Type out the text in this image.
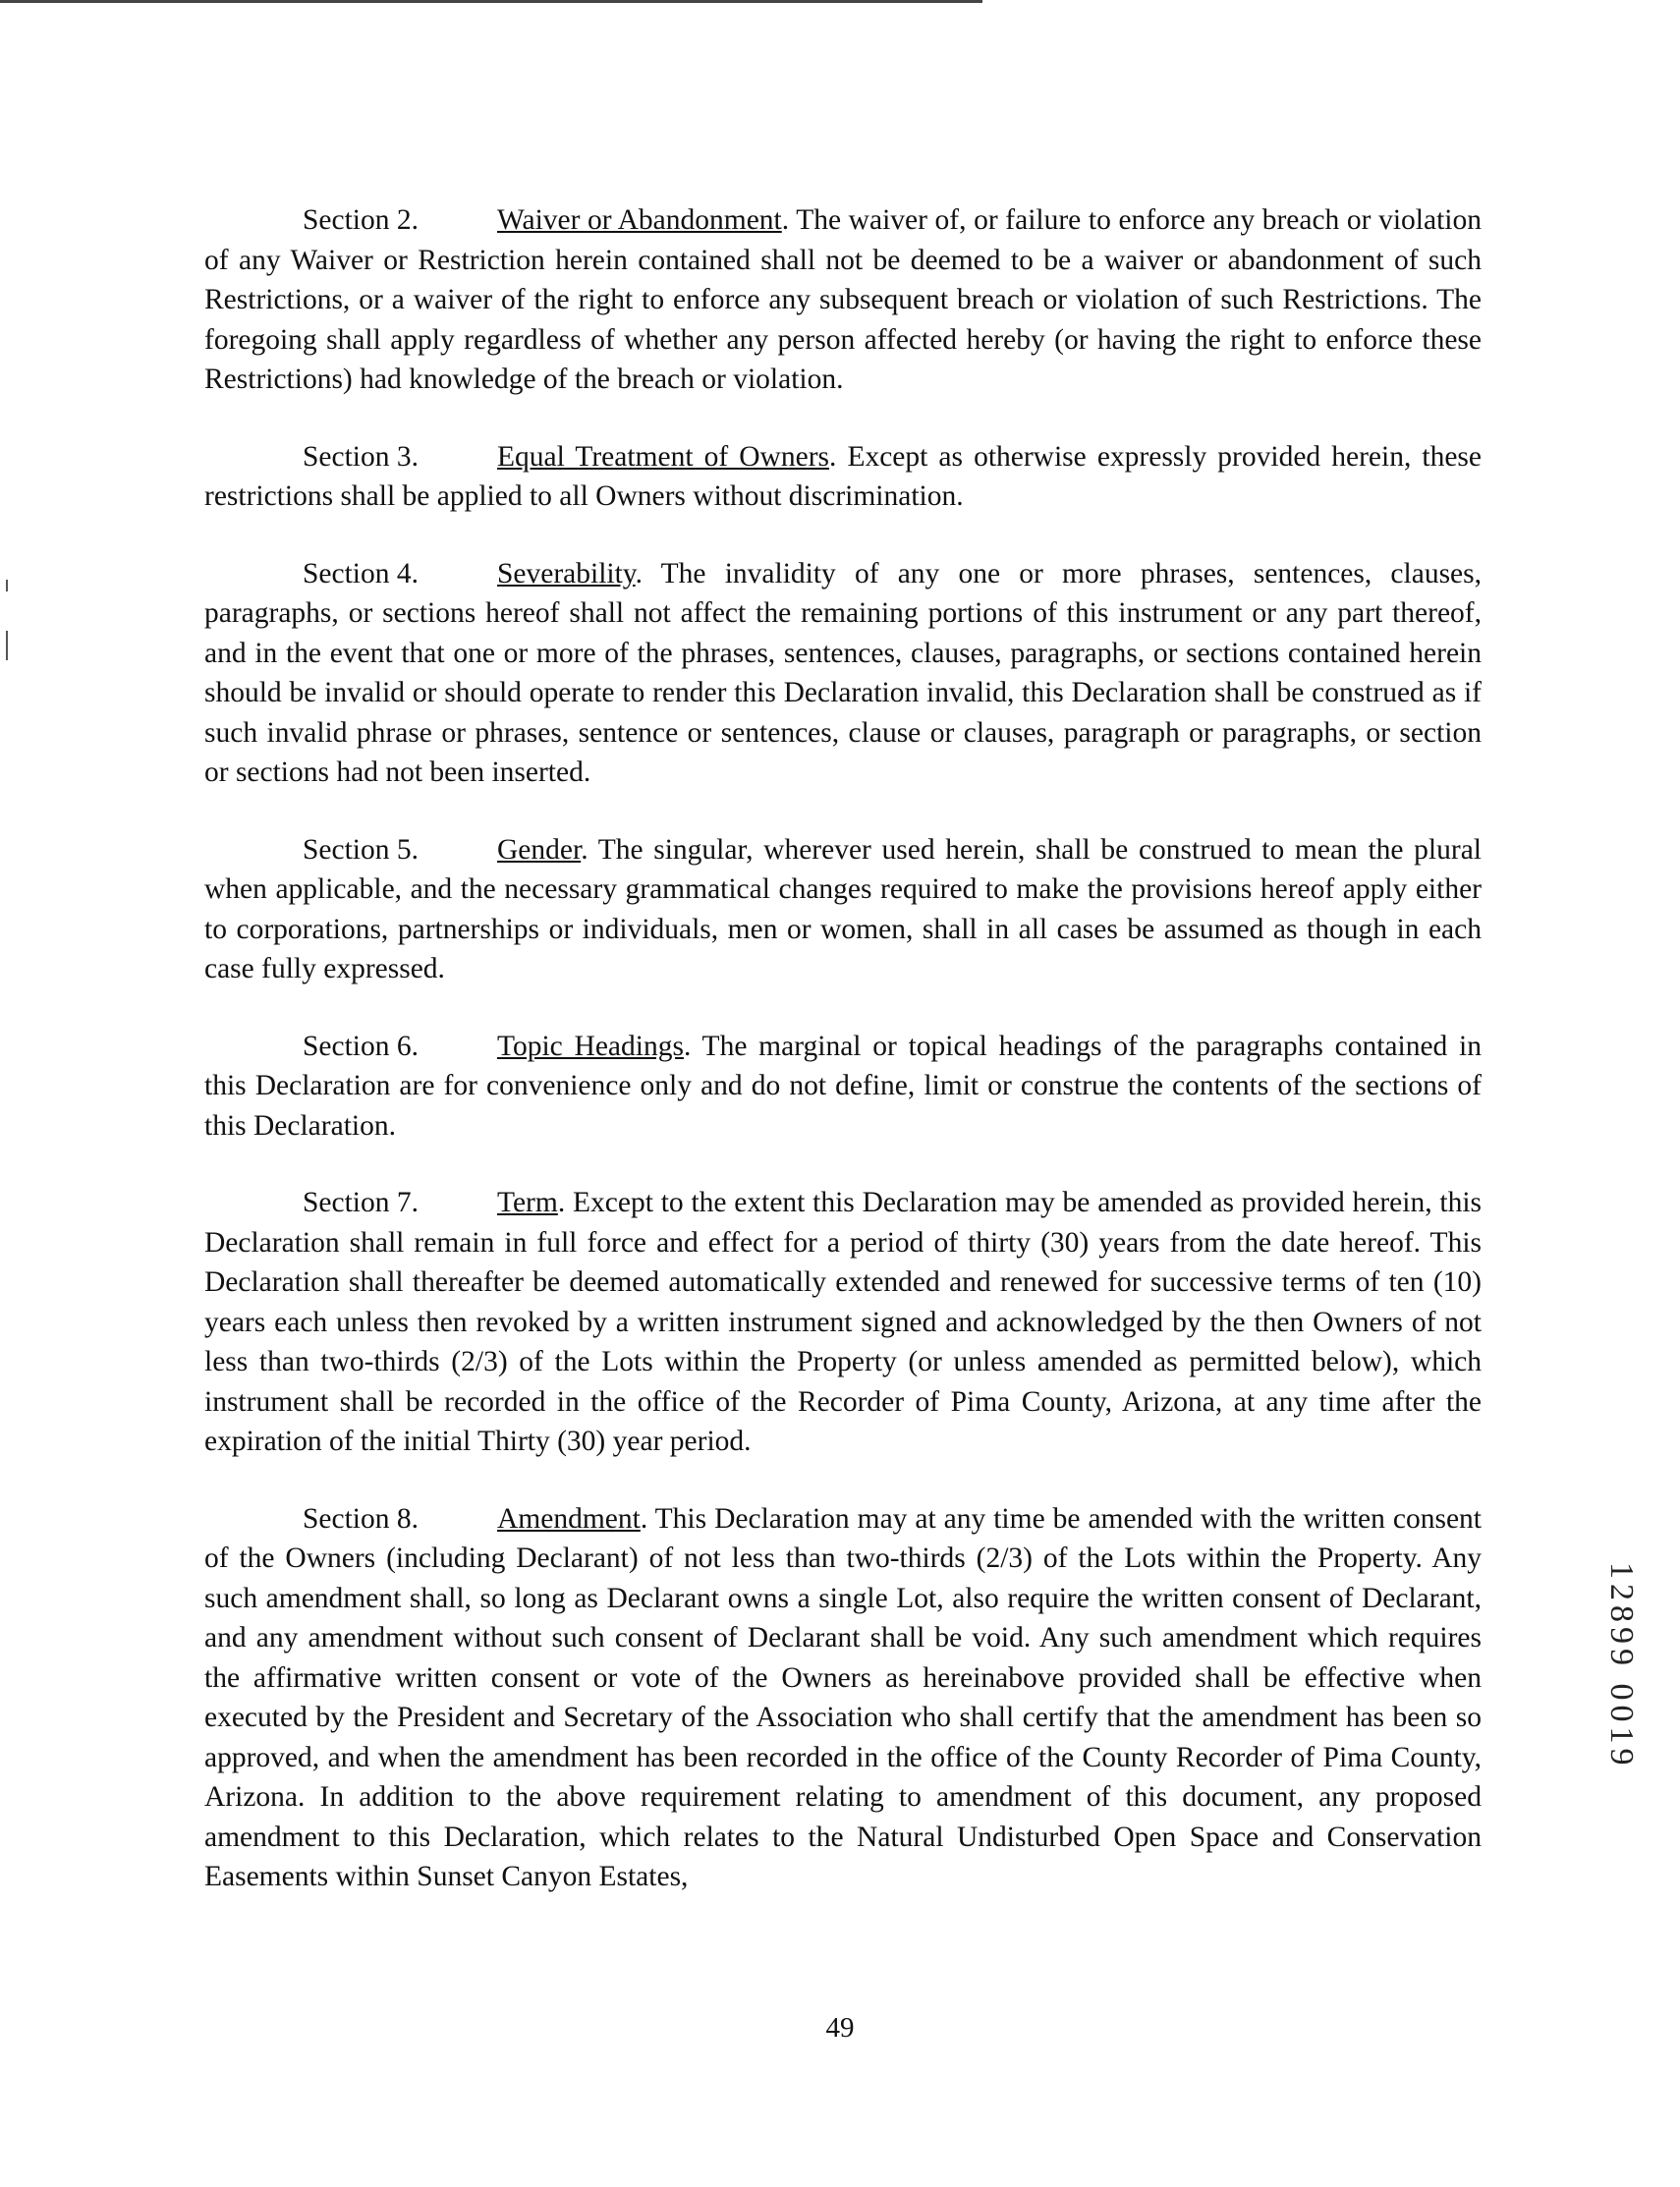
Section 2.	Waiver or Abandonment. The waiver of, or failure to enforce any breach or violation of any Waiver or Restriction herein contained shall not be deemed to be a waiver or abandonment of such Restrictions, or a waiver of the right to enforce any subsequent breach or violation of such Restrictions. The foregoing shall apply regardless of whether any person affected hereby (or having the right to enforce these Restrictions) had knowledge of the breach or violation.

Section 3.	Equal Treatment of Owners. Except as otherwise expressly provided herein, these restrictions shall be applied to all Owners without discrimination.

Section 4.	Severability. The invalidity of any one or more phrases, sentences, clauses, paragraphs, or sections hereof shall not affect the remaining portions of this instrument or any part thereof, and in the event that one or more of the phrases, sentences, clauses, paragraphs, or sections contained herein should be invalid or should operate to render this Declaration invalid, this Declaration shall be construed as if such invalid phrase or phrases, sentence or sentences, clause or clauses, paragraph or paragraphs, or section or sections had not been inserted.

Section 5.	Gender. The singular, wherever used herein, shall be construed to mean the plural when applicable, and the necessary grammatical changes required to make the provisions hereof apply either to corporations, partnerships or individuals, men or women, shall in all cases be assumed as though in each case fully expressed.

Section 6.	Topic Headings. The marginal or topical headings of the paragraphs contained in this Declaration are for convenience only and do not define, limit or construe the contents of the sections of this Declaration.

Section 7.	Term. Except to the extent this Declaration may be amended as provided herein, this Declaration shall remain in full force and effect for a period of thirty (30) years from the date hereof. This Declaration shall thereafter be deemed automatically extended and renewed for successive terms of ten (10) years each unless then revoked by a written instrument signed and acknowledged by the then Owners of not less than two-thirds (2/3) of the Lots within the Property (or unless amended as permitted below), which instrument shall be recorded in the office of the Recorder of Pima County, Arizona, at any time after the expiration of the initial Thirty (30) year period.

Section 8.	Amendment. This Declaration may at any time be amended with the written consent of the Owners (including Declarant) of not less than two-thirds (2/3) of the Lots within the Property. Any such amendment shall, so long as Declarant owns a single Lot, also require the written consent of Declarant, and any amendment without such consent of Declarant shall be void. Any such amendment which requires the affirmative written consent or vote of the Owners as hereinabove provided shall be effective when executed by the President and Secretary of the Association who shall certify that the amendment has been so approved, and when the amendment has been recorded in the office of the County Recorder of Pima County, Arizona. In addition to the above requirement relating to amendment of this document, any proposed amendment to this Declaration, which relates to the Natural Undisturbed Open Space and Conservation Easements within Sunset Canyon Estates,

12899 0019
49
